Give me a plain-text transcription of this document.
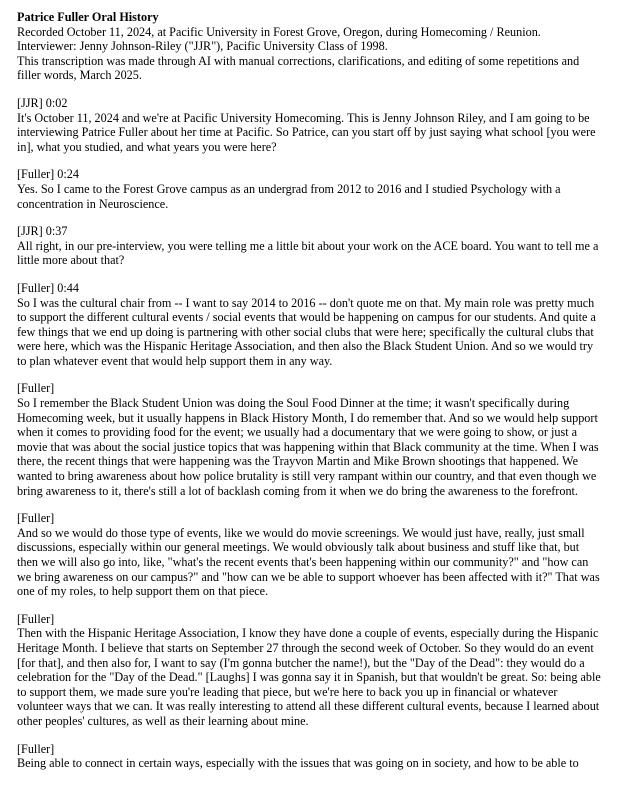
Patrice Fuller Oral History

Recorded October 11, 2024, at Pacific University in Forest Grove, Oregon, during Homecoming / Reunion.

Interviewer: Jenny Johnson-Riley ("JJR"), Pacific University Class of 1998.

This transcription was made through AI with manual corrections, clarifications, and editing of some repetitions and filler words, March 2025.

[JJR] 0:02

It's October 11, 2024 and we're at Pacific University Homecoming. This is Jenny Johnson Riley, and I am going to be interviewing Patrice Fuller about her time at Pacific. So Patrice, can you start off by just saying what school [you were in], what you studied, and what years you were here?

[Fuller] 0:24

Yes. So I came to the Forest Grove campus as an undergrad from 2012 to 2016 and I studied Psychology with a concentration in Neuroscience.

[JJR] 0:37

All right, in our pre-interview, you were telling me a little bit about your work on the ACE board. You want to tell me a little more about that?

[Fuller] 0:44

So I was the cultural chair from -- I want to say 2014 to 2016 -- don't quote me on that. My main role was pretty much to support the different cultural events / social events that would be happening on campus for our students. And quite a few things that we end up doing is partnering with other social clubs that were here; specifically the cultural clubs that were here, which was the Hispanic Heritage Association, and then also the Black Student Union. And so we would try to plan whatever event that would help support them in any way.

[Fuller]

So I remember the Black Student Union was doing the Soul Food Dinner at the time; it wasn't specifically during Homecoming week, but it usually happens in Black History Month, I do remember that. And so we would help support when it comes to providing food for the event; we usually had a documentary that we were going to show, or just a movie that was about the social justice topics that was happening within that Black community at the time. When I was there, the recent things that were happening was the Trayvon Martin and Mike Brown shootings that happened. We wanted to bring awareness about how police brutality is still very rampant within our country, and that even though we bring awareness to it, there's still a lot of backlash coming from it when we do bring the awareness to the forefront.

[Fuller]

And so we would do those type of events, like we would do movie screenings. We would just have, really, just small discussions, especially within our general meetings. We would obviously talk about business and stuff like that, but then we will also go into, like, "what's the recent events that's been happening within our community?" and "how can we bring awareness on our campus?" and "how can we be able to support whoever has been affected with it?" That was one of my roles, to help support them on that piece.

[Fuller]

Then with the Hispanic Heritage Association, I know they have done a couple of events, especially during the Hispanic Heritage Month. I believe that starts on September 27 through the second week of October. So they would do an event [for that], and then also for, I want to say (I'm gonna butcher the name!), but the "Day of the Dead": they would do a celebration for the "Day of the Dead." [Laughs] I was gonna say it in Spanish, but that wouldn't be great. So: being able to support them, we made sure you're leading that piece, but we're here to back you up in financial or whatever volunteer ways that we can. It was really interesting to attend all these different cultural events, because I learned about other peoples' cultures, as well as their learning about mine.

[Fuller]

Being able to connect in certain ways, especially with the issues that was going on in society, and how to be able to
